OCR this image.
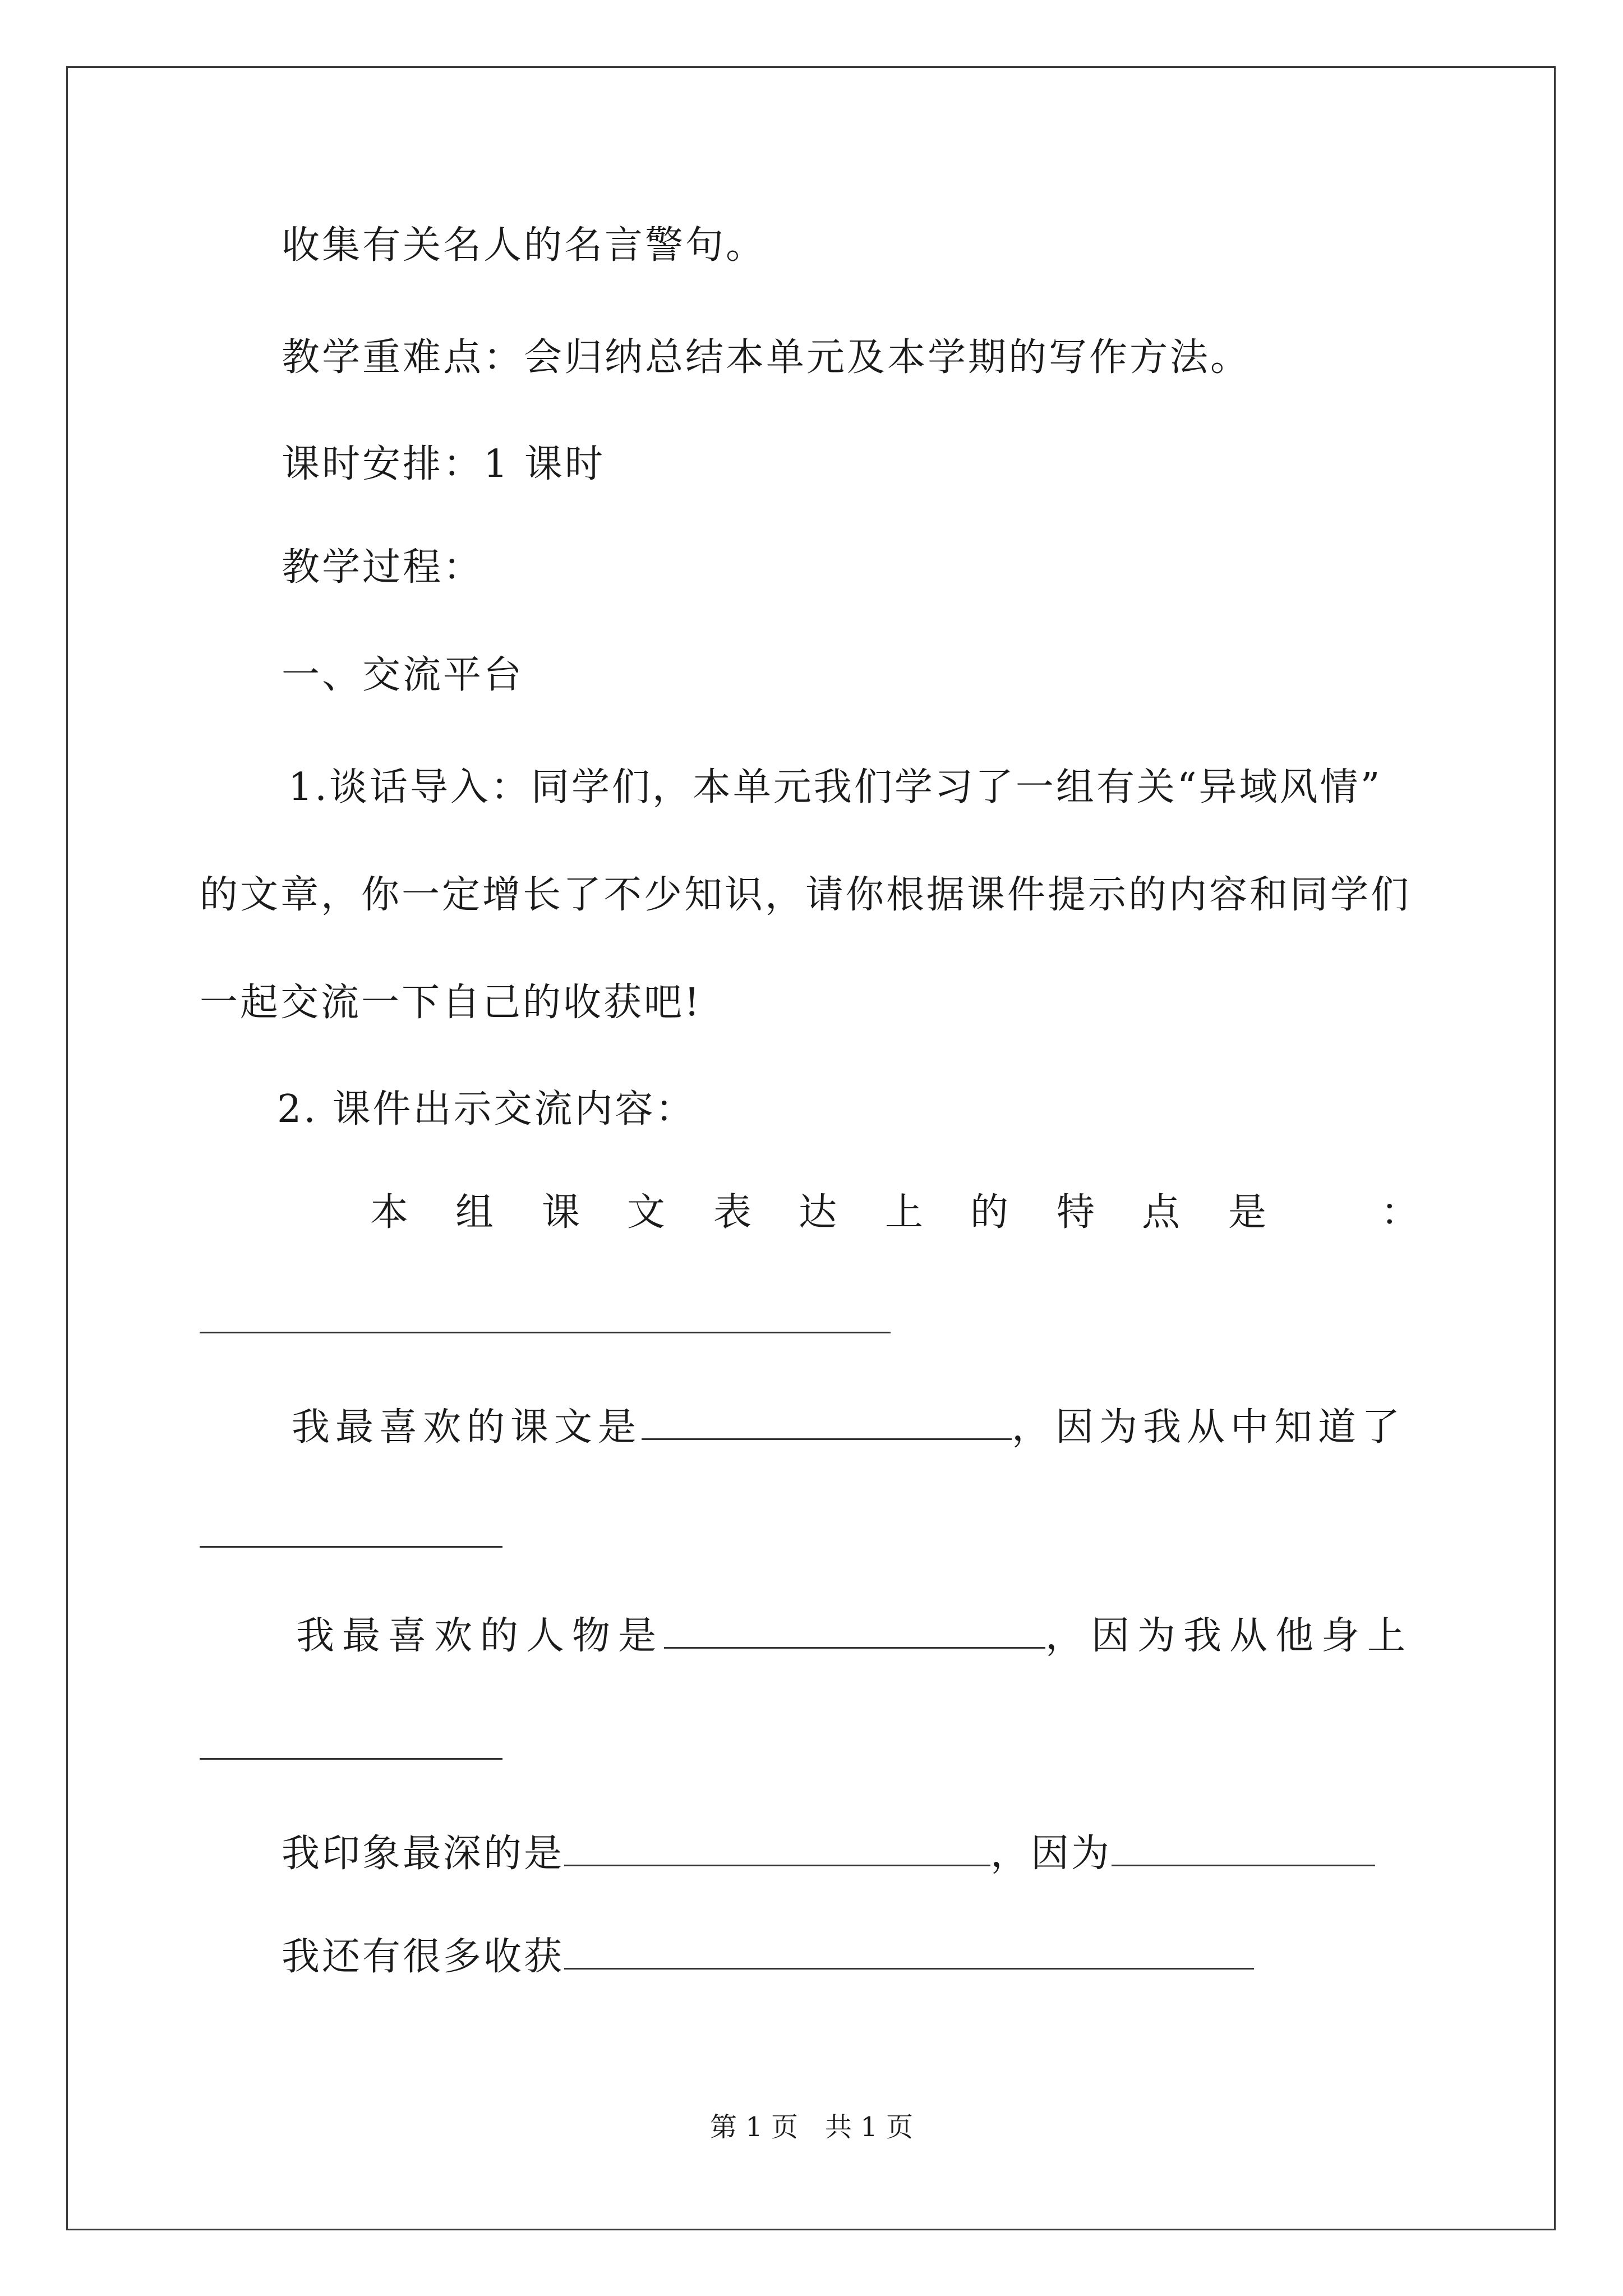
收集有关名人的名言警句。
教学重难点：会归纳总结本单元及本学期的写作方法。
课时安排：1 课时
教学过程：
一、交流平台
1.谈话导入：同学们，本单元我们学习了一组有关“异域风情”
的文章，你一定增长了不少知识，请你根据课件提示的内容和同学们
一起交流一下自己的收获吧!
2. 课件出示交流内容：
本 组 课 文 表 达 上 的 特 点 是	：
我最喜欢的课文是	，因为我从中知道了
我最喜欢的人物是	，因为我从他身上
我印象最深的是	，因为
我还有很多收获
第 1 页　共 1 页
